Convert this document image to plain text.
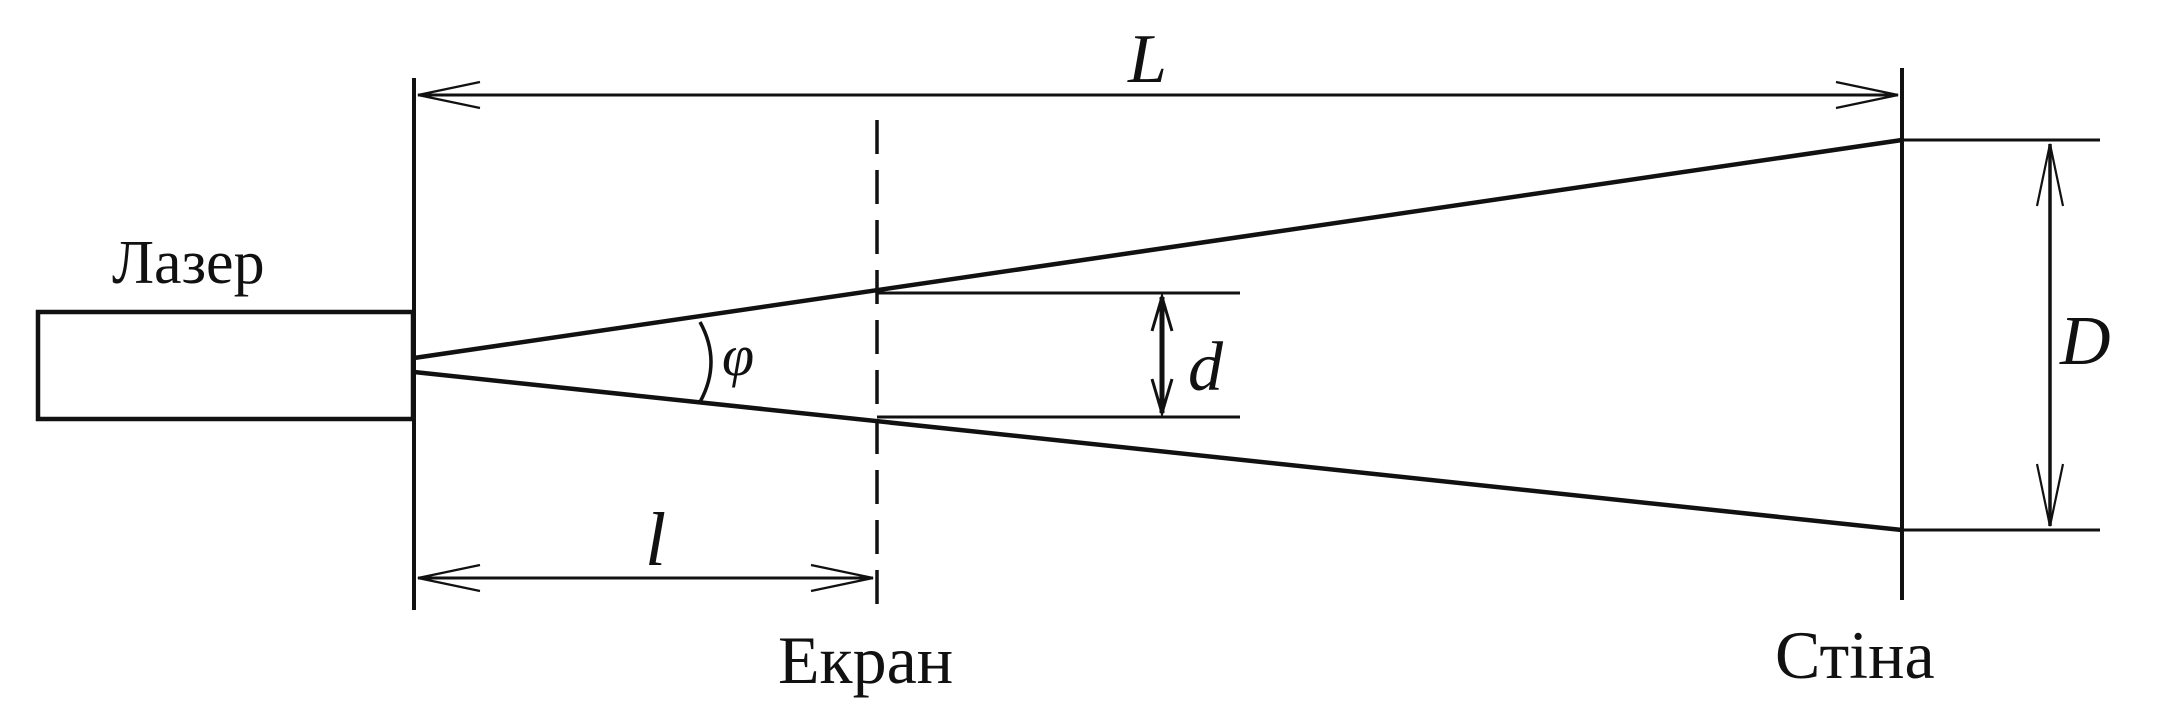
Лазер
Стіна
Екран
φ
L
l
d	D
